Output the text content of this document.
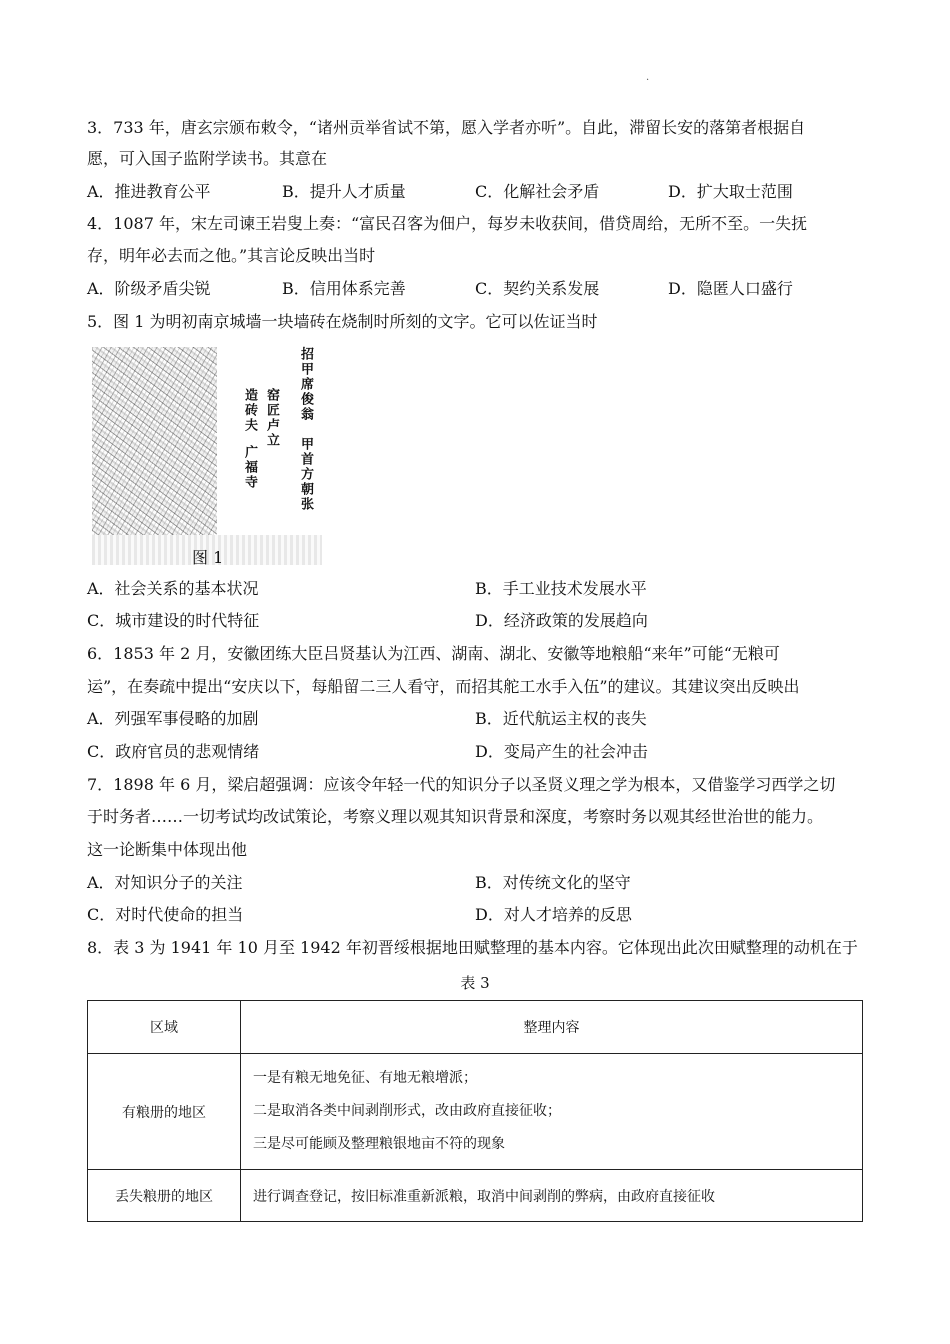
.
3．733 年，唐玄宗颁布敕令，“诸州贡举省试不第，愿入学者亦听”。自此，滞留长安的落第者根据自
愿，可入国子监附学读书。其意在
A．推进教育公平	B．提升人才质量	C．化解社会矛盾	D．扩大取士范围
4．1087 年，宋左司谏王岩叟上奏：“富民召客为佃户，每岁未收获间，借贷周给，无所不至。一失抚
存，明年必去而之他。”其言论反映出当时
A．阶级矛盾尖锐	B．信用体系完善	C．契约关系发展	D．隐匿人口盛行
5．图 1 为明初南京城墙一块墙砖在烧制时所刻的文字。它可以佐证当时
招甲席俊翁
甲首方朝张
窑匠卢立
造砖夫
广福寺
图 1
A．社会关系的基本状况	B．手工业技术发展水平
C．城市建设的时代特征	D．经济政策的发展趋向
6．1853 年 2 月，安徽团练大臣吕贤基认为江西、湖南、湖北、安徽等地粮船“来年”可能“无粮可
运”，在奏疏中提出“安庆以下，每船留二三人看守，而招其舵工水手入伍”的建议。其建议突出反映出
A．列强军事侵略的加剧	B．近代航运主权的丧失
C．政府官员的悲观情绪	D．变局产生的社会冲击
7．1898 年 6 月，梁启超强调：应该令年轻一代的知识分子以圣贤义理之学为根本，又借鉴学习西学之切
于时务者……一切考试均改试策论，考察义理以观其知识背景和深度，考察时务以观其经世治世的能力。
这一论断集中体现出他
A．对知识分子的关注	B．对传统文化的坚守
C．对时代使命的担当	D．对人才培养的反思
8．表 3 为 1941 年 10 月至 1942 年初晋绥根据地田赋整理的基本内容。它体现出此次田赋整理的动机在于
表 3
区域	整理内容
有粮册的地区	一是有粮无地免征、有地无粮增派；
二是取消各类中间剥削形式，改由政府直接征收；
三是尽可能顾及整理粮银地亩不符的现象

丢失粮册的地区	进行调查登记，按旧标准重新派粮，取消中间剥削的弊病，由政府直接征收
